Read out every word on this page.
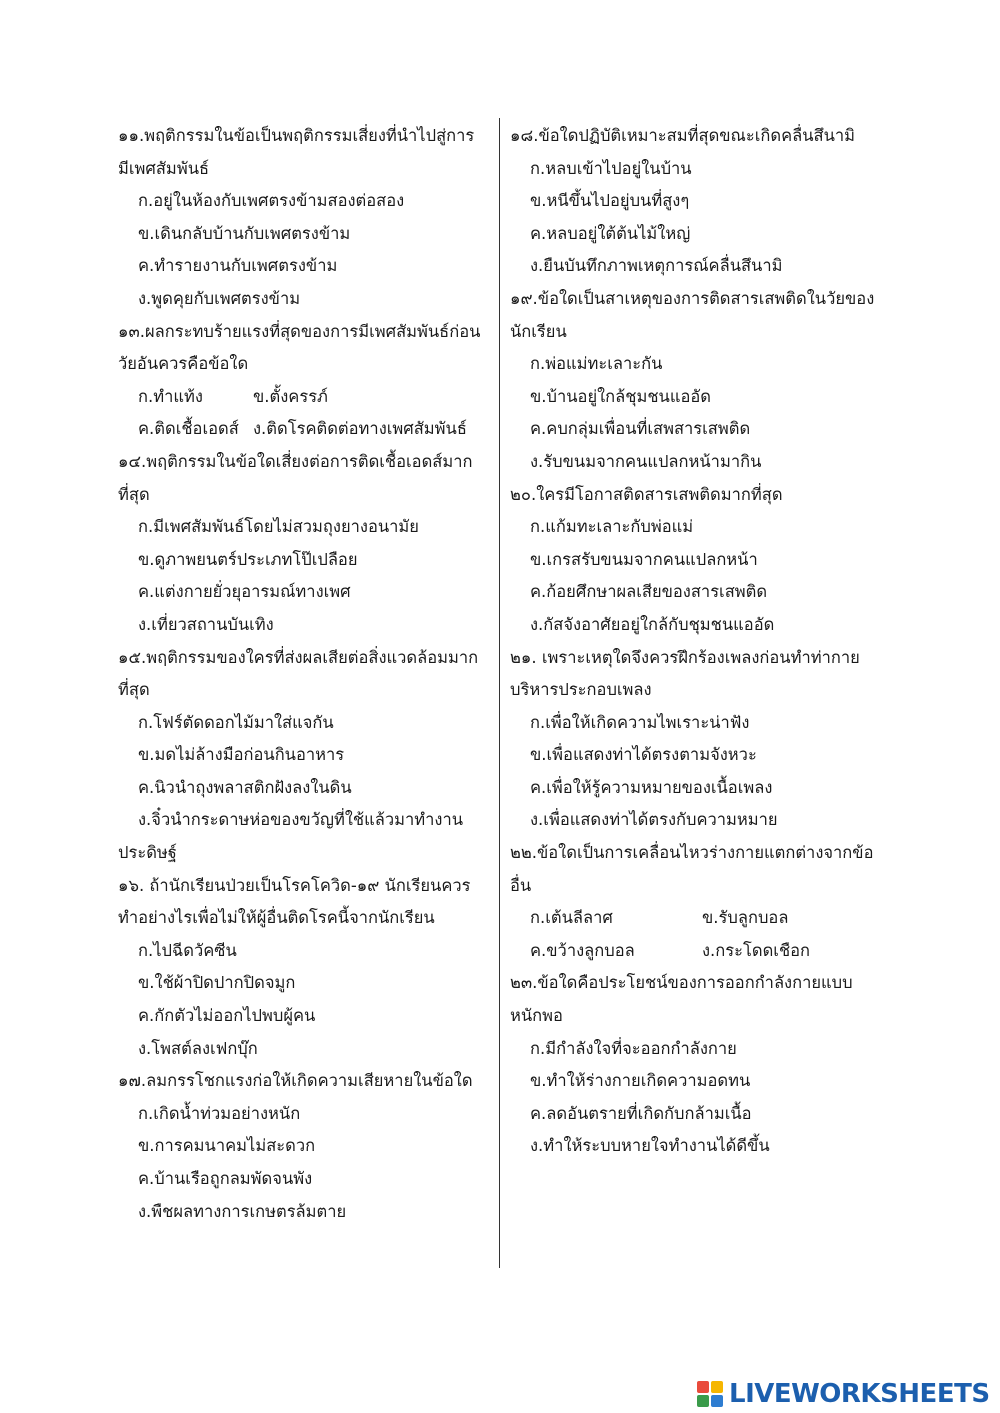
๑๑.พฤติกรรมในข้อเป็นพฤติกรรมเสี่ยงที่นำไปสู่การ
มีเพศสัมพันธ์
ก.อยู่ในห้องกับเพศตรงข้ามสองต่อสอง
ข.เดินกลับบ้านกับเพศตรงข้าม
ค.ทำรายงานกับเพศตรงข้าม
ง.พูดคุยกับเพศตรงข้าม
๑๓.ผลกระทบร้ายแรงที่สุดของการมีเพศสัมพันธ์ก่อน
วัยอันควรคือข้อใด
ก.ทำแท้ง	ข.ตั้งครรภ์
ค.ติดเชื้อเอดส์ ง.ติดโรคติดต่อทางเพศสัมพันธ์
๑๔.พฤติกรรมในข้อใดเสี่ยงต่อการติดเชื้อเอดส์มาก
ที่สุด
ก.มีเพศสัมพันธ์โดยไม่สวมถุงยางอนามัย
ข.ดูภาพยนตร์ประเภทโป๊เปลือย
ค.แต่งกายยั่วยุอารมณ์ทางเพศ
ง.เที่ยวสถานบันเทิง
๑๕.พฤติกรรมของใครที่ส่งผลเสียต่อสิ่งแวดล้อมมาก
ที่สุด
ก.โฟร์ตัดดอกไม้มาใส่แจกัน
ข.มดไม่ล้างมือก่อนกินอาหาร
ค.นิวนำถุงพลาสติกฝังลงในดิน
ง.จิ๋วนำกระดาษห่อของขวัญที่ใช้แล้วมาทำงาน
ประดิษฐ์
๑๖. ถ้านักเรียนป่วยเป็นโรคโควิด-๑๙ นักเรียนควร
ทำอย่างไรเพื่อไม่ให้ผู้อื่นติดโรคนี้จากนักเรียน
ก.ไปฉีดวัคซีน
ข.ใช้ผ้าปิดปากปิดจมูก
ค.กักตัวไม่ออกไปพบผู้คน
ง.โพสต์ลงเฟกบุ๊ก
๑๗.ลมกรรโชกแรงก่อให้เกิดความเสียหายในข้อใด
ก.เกิดน้ำท่วมอย่างหนัก
ข.การคมนาคมไม่สะดวก
ค.บ้านเรือถูกลมพัดจนพัง
ง.พืชผลทางการเกษตรล้มตาย
๑๘.ข้อใดปฏิบัติเหมาะสมที่สุดขณะเกิดคลื่นสึนามิ
ก.หลบเข้าไปอยู่ในบ้าน
ข.หนีขึ้นไปอยู่บนที่สูงๆ
ค.หลบอยู่ใต้ต้นไม้ใหญ่
ง.ยืนบันทึกภาพเหตุการณ์คลื่นสึนามิ
๑๙.ข้อใดเป็นสาเหตุของการติดสารเสพติดในวัยของ
นักเรียน
ก.พ่อแม่ทะเลาะกัน
ข.บ้านอยู่ใกล้ชุมชนแออัด
ค.คบกลุ่มเพื่อนที่เสพสารเสพติด
ง.รับขนมจากคนแปลกหน้ามากิน
๒๐.ใครมีโอกาสติดสารเสพติดมากที่สุด
ก.แก้มทะเลาะกับพ่อแม่
ข.เกรสรับขนมจากคนแปลกหน้า
ค.ก้อยศึกษาผลเสียของสารเสพติด
ง.กัสจังอาศัยอยู่ใกล้กับชุมชนแออัด
๒๑. เพราะเหตุใดจึงควรฝึกร้องเพลงก่อนทำท่ากาย
บริหารประกอบเพลง
ก.เพื่อให้เกิดความไพเราะน่าฟัง
ข.เพื่อแสดงท่าได้ตรงตามจังหวะ
ค.เพื่อให้รู้ความหมายของเนื้อเพลง
ง.เพื่อแสดงท่าได้ตรงกับความหมาย
๒๒.ข้อใดเป็นการเคลื่อนไหวร่างกายแตกต่างจากข้อ
อื่น
ก.เต้นลีลาศ	ข.รับลูกบอล
ค.ขว้างลูกบอล	ง.กระโดดเชือก
๒๓.ข้อใดคือประโยชน์ของการออกกำลังกายแบบ
หนักพอ
ก.มีกำลังใจที่จะออกกำลังกาย
ข.ทำให้ร่างกายเกิดความอดทน
ค.ลดอันตรายที่เกิดกับกล้ามเนื้อ
ง.ทำให้ระบบหายใจทำงานได้ดีขึ้น
LIVEWORKSHEETS
